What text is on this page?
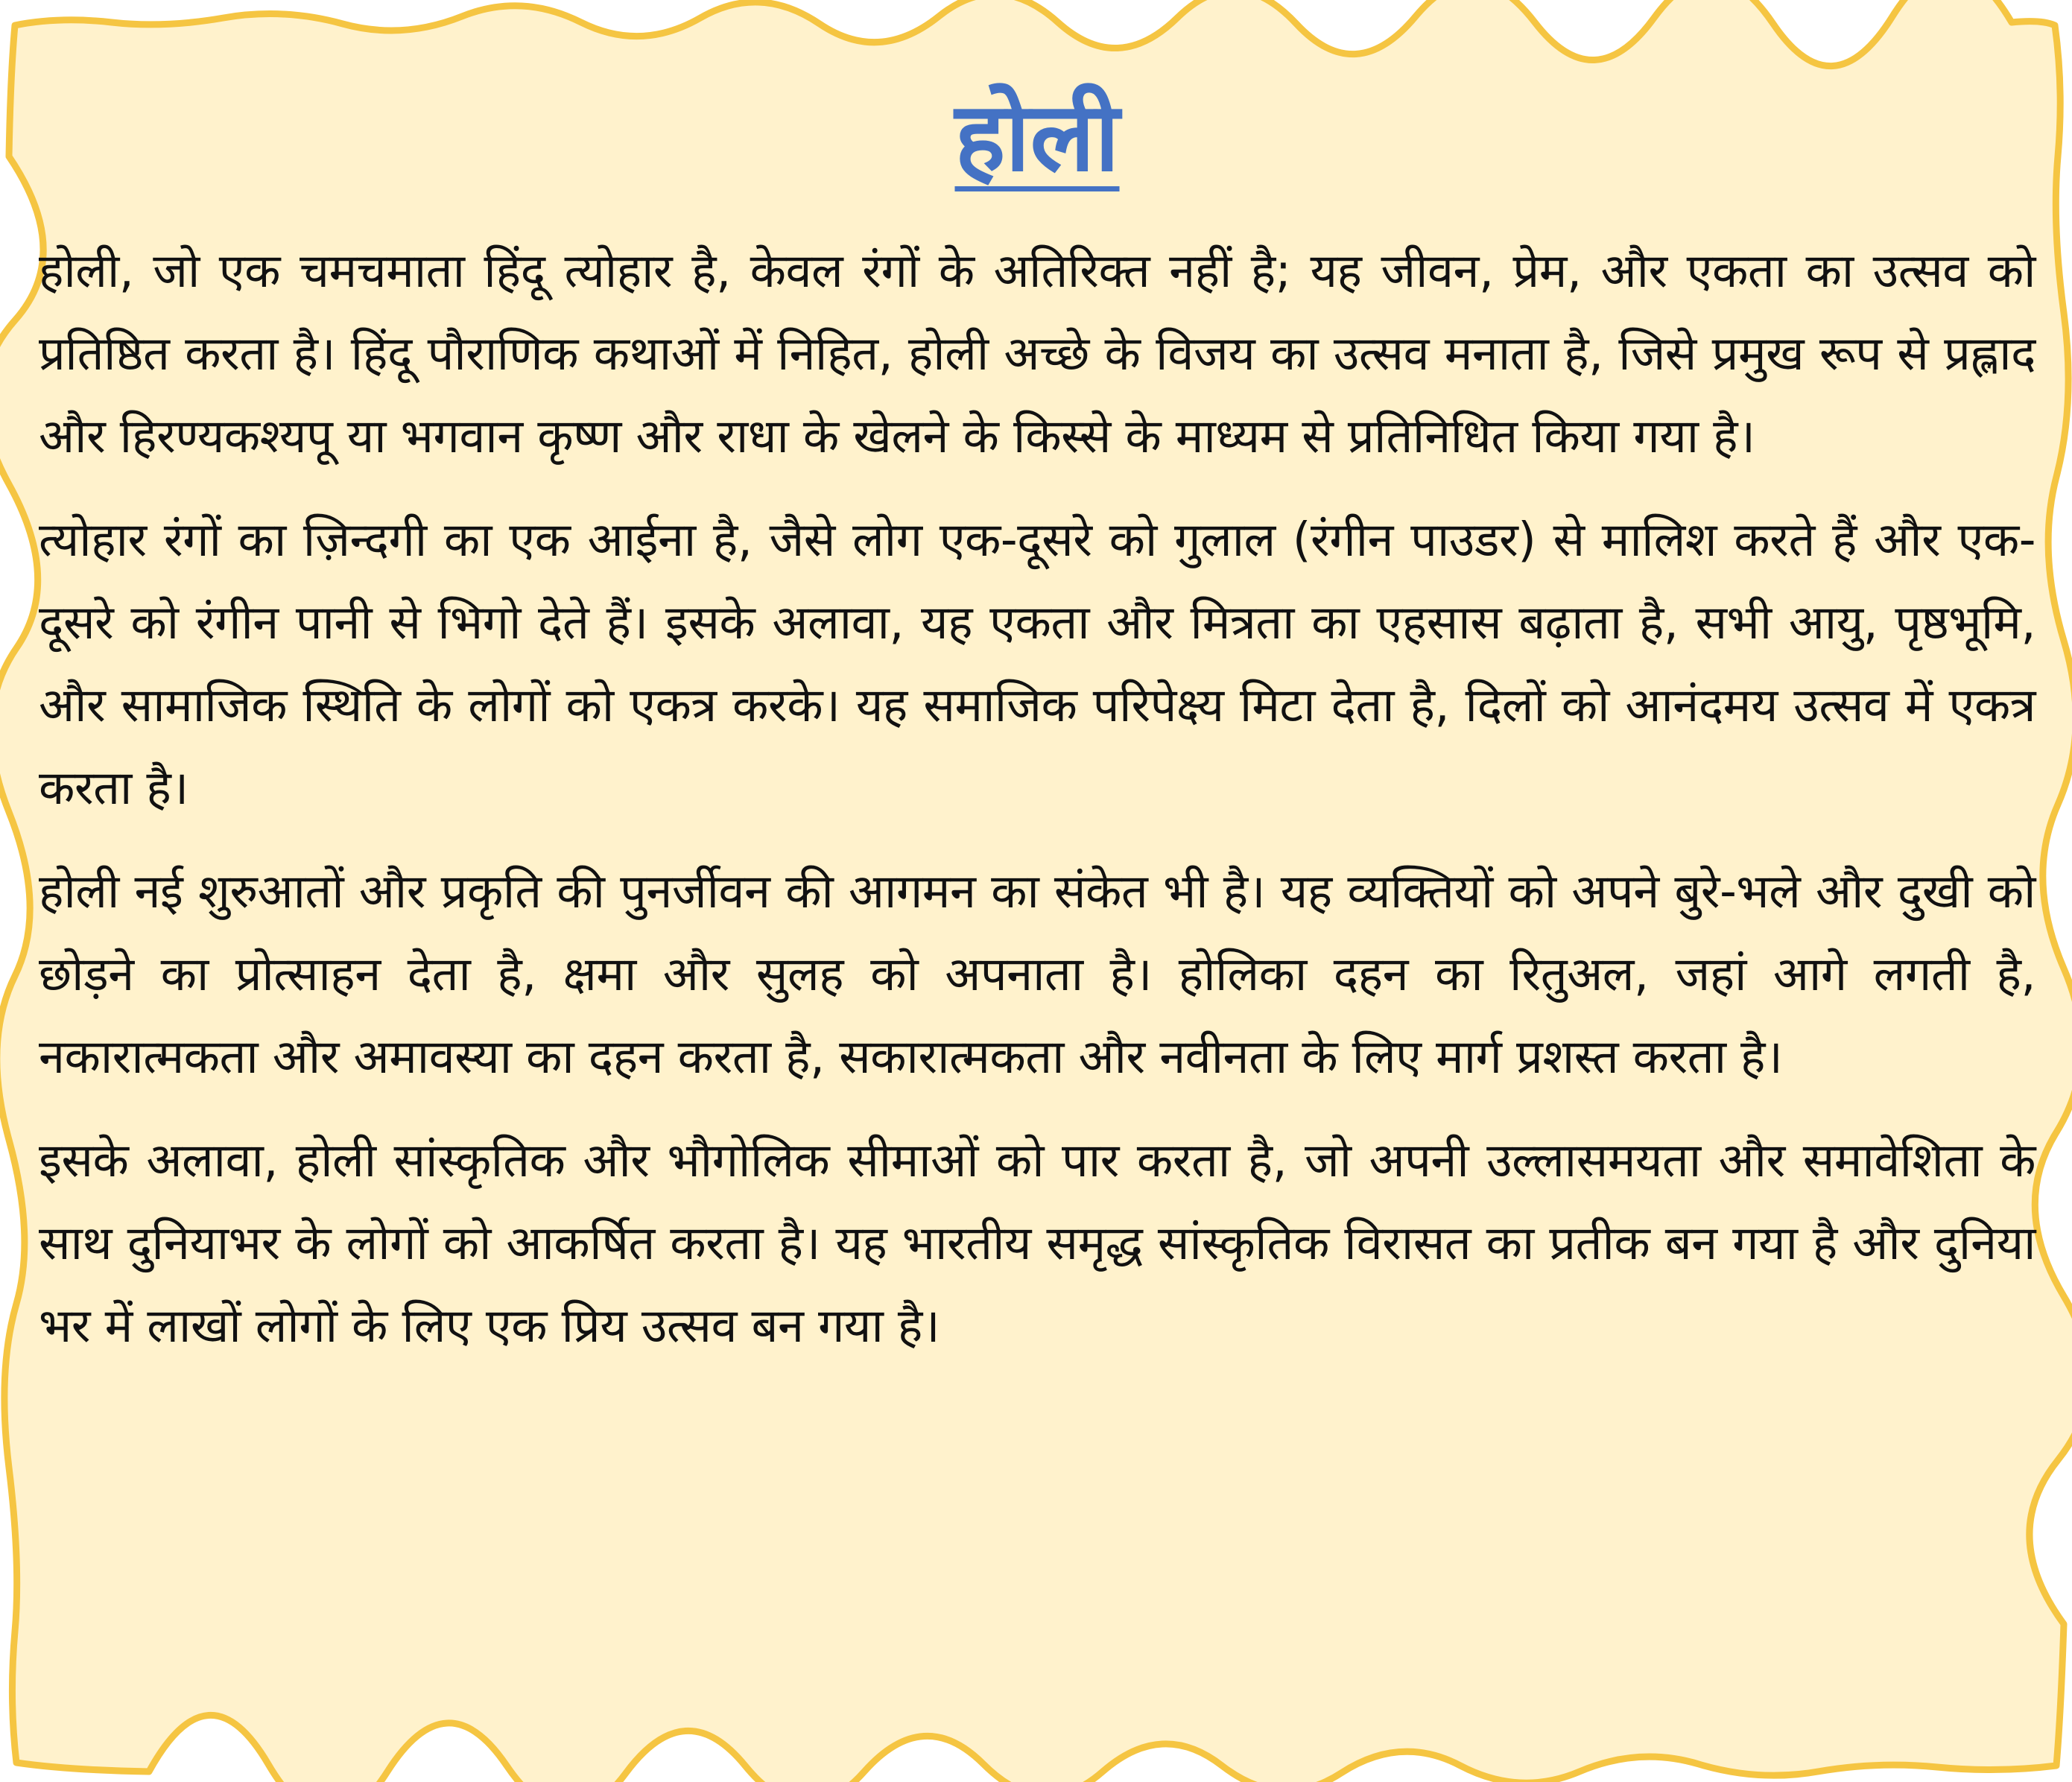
होली

होली, जो एक चमचमाता हिंदू त्योहार है, केवल रंगों के अतिरिक्त नहीं है; यह जीवन, प्रेम, और एकता का उत्सव को प्रतिष्ठित करता है। हिंदू पौराणिक कथाओं में निहित, होली अच्छे के विजय का उत्सव मनाता है, जिसे प्रमुख रूप से प्रह्लाद और हिरण्यकश्यपू या भगवान कृष्ण और राधा के खेलने के किस्से के माध्यम से प्रतिनिधित किया गया है।

त्योहार रंगों का ज़िन्दगी का एक आईना है, जैसे लोग एक-दूसरे को गुलाल (रंगीन पाउडर) से मालिश करते हैं और एक-दूसरे को रंगीन पानी से भिगो देते हैं। इसके अलावा, यह एकता और मित्रता का एहसास बढ़ाता है, सभी आयु, पृष्ठभूमि, और सामाजिक स्थिति के लोगों को एकत्र करके। यह समाजिक परिपेक्ष्य मिटा देता है, दिलों को आनंदमय उत्सव में एकत्र करता है।

होली नई शुरुआतों और प्रकृति की पुनर्जीवन की आगमन का संकेत भी है। यह व्यक्तियों को अपने बुरे-भले और दुखी को छोड़ने का प्रोत्साहन देता है, क्षमा और सुलह को अपनाता है। होलिका दहन का रितुअल, जहां आगे लगती है, नकारात्मकता और अमावस्या का दहन करता है, सकारात्मकता और नवीनता के लिए मार्ग प्रशस्त करता है।

इसके अलावा, होली सांस्कृतिक और भौगोलिक सीमाओं को पार करता है, जो अपनी उल्लासमयता और समावेशिता के साथ दुनियाभर के लोगों को आकर्षित करता है। यह भारतीय समृद्ध सांस्कृतिक विरासत का प्रतीक बन गया है और दुनिया भर में लाखों लोगों के लिए एक प्रिय उत्सव बन गया है।
